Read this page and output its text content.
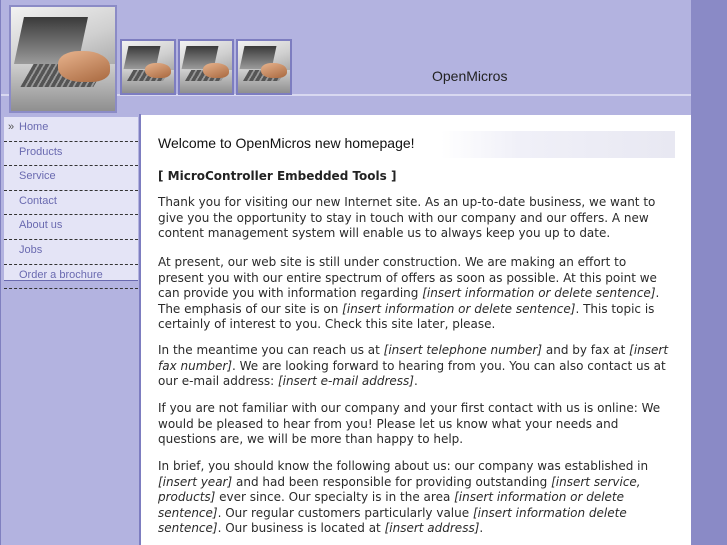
OpenMicros
» Home
Products
Service
Contact
About us
Jobs
Order a brochure
Welcome to OpenMicros new homepage!
[ MicroController Embedded Tools ]

Thank you for visiting our new Internet site. As an up-to-date business, we want to give you the opportunity to stay in touch with our company and our offers. A new content management system will enable us to always keep you up to date.

At present, our web site is still under construction. We are making an effort to present you with our entire spectrum of offers as soon as possible. At this point we can provide you with information regarding [insert information or delete sentence]. The emphasis of our site is on [insert information or delete sentence]. This topic is certainly of interest to you. Check this site later, please.

In the meantime you can reach us at [insert telephone number] and by fax at [insert fax number]. We are looking forward to hearing from you. You can also contact us at our e-mail address: [insert e-mail address].

If you are not familiar with our company and your first contact with us is online: We would be pleased to hear from you! Please let us know what your needs and questions are, we will be more than happy to help.

In brief, you should know the following about us: our company was established in [insert year] and had been responsible for providing outstanding [insert service, products] ever since. Our specialty is in the area [insert information or delete sentence]. Our regular customers particularly value [insert information delete sentence]. Our business is located at [insert address].
